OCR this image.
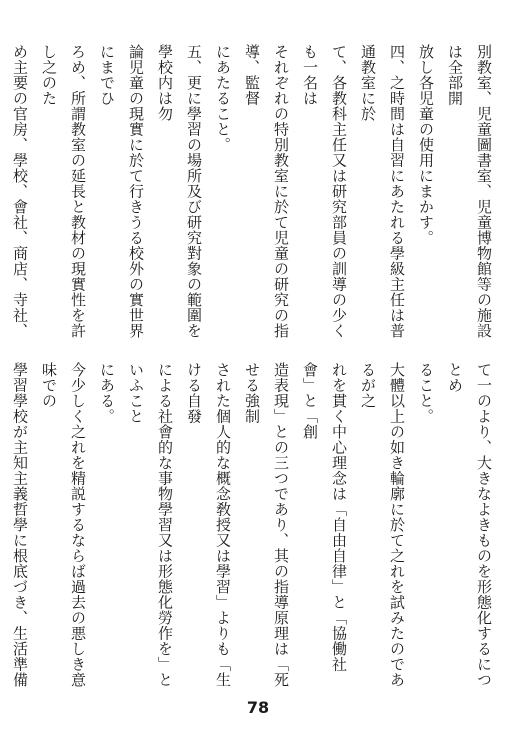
別教室、児童圖書室、児童博物館等の施設は全部開
放し各児童の使用にまかす。
四、之時間は自習にあたれる學級主任は普通教室に於
て、各教科主任又は研究部員の訓導の少くも一名は
それぞれの特別教室に於て児童の研究の指導、監督
にあたること。
五、更に學習の場所及び研究對象の範圍を學校内は勿
論児童の現實に於て行きうる校外の實世界にまでひ
ろめ、所謂教室の延長と教材の現實性を許し之のた
め主要の官房、學校、會社、商店、寺社、

て一のより、大きなよきものを形態化するにつとめ
ること。
大體以上の如き輪廓に於て之れを試みたのであるが之
れを貫く中心理念は「自由自律」と「協働社會」と「創
造表現」との三つであり、其の指導原理は「死せる強制
された個人的な概念敎授又は學習」よりも「生ける自發
による社會的な事物學習又は形態化勞作を」といふこと
にある。
今少しく之れを精説するならば過去の悪しき意味での
學習學校が主知主義哲學に根底づき、生活準備

78
